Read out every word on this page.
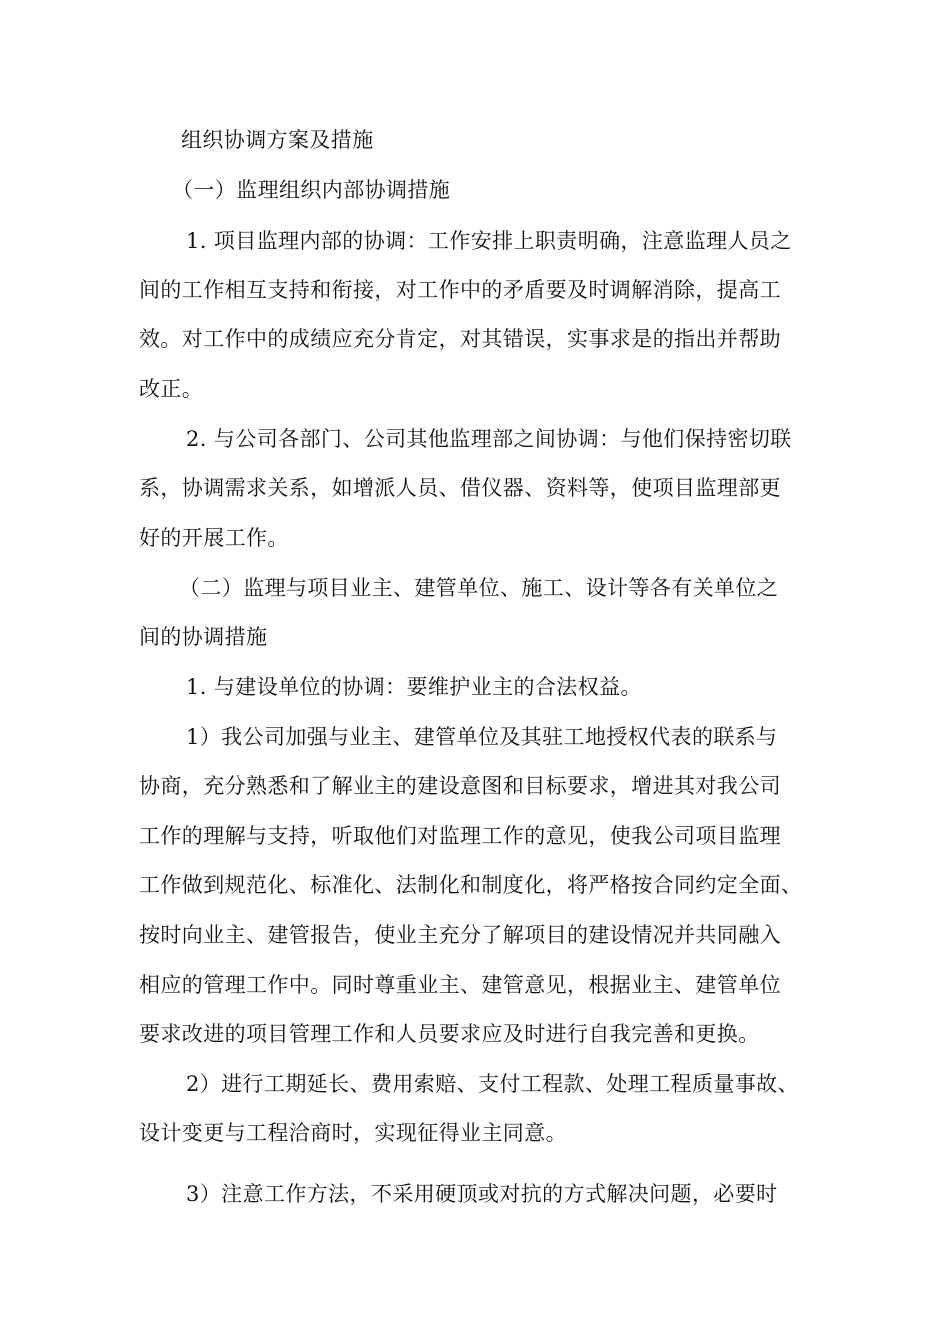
组织协调方案及措施
（一）监理组织内部协调措施
1. 项目监理内部的协调：工作安排上职责明确，注意监理人员之
间的工作相互支持和衔接，对工作中的矛盾要及时调解消除，提高工
效。对工作中的成绩应充分肯定，对其错误，实事求是的指出并帮助
改正。
2. 与公司各部门、公司其他监理部之间协调：与他们保持密切联
系，协调需求关系，如增派人员、借仪器、资料等，使项目监理部更
好的开展工作。
（二）监理与项目业主、建管单位、施工、设计等各有关单位之
间的协调措施
1. 与建设单位的协调：要维护业主的合法权益。
1）我公司加强与业主、建管单位及其驻工地授权代表的联系与
协商，充分熟悉和了解业主的建设意图和目标要求，增进其对我公司
工作的理解与支持，听取他们对监理工作的意见，使我公司项目监理
工作做到规范化、标准化、法制化和制度化，将严格按合同约定全面、
按时向业主、建管报告，使业主充分了解项目的建设情况并共同融入
相应的管理工作中。同时尊重业主、建管意见，根据业主、建管单位
要求改进的项目管理工作和人员要求应及时进行自我完善和更换。
2）进行工期延长、费用索赔、支付工程款、处理工程质量事故、
设计变更与工程洽商时，实现征得业主同意。
3）注意工作方法，不采用硬顶或对抗的方式解决问题，必要时
